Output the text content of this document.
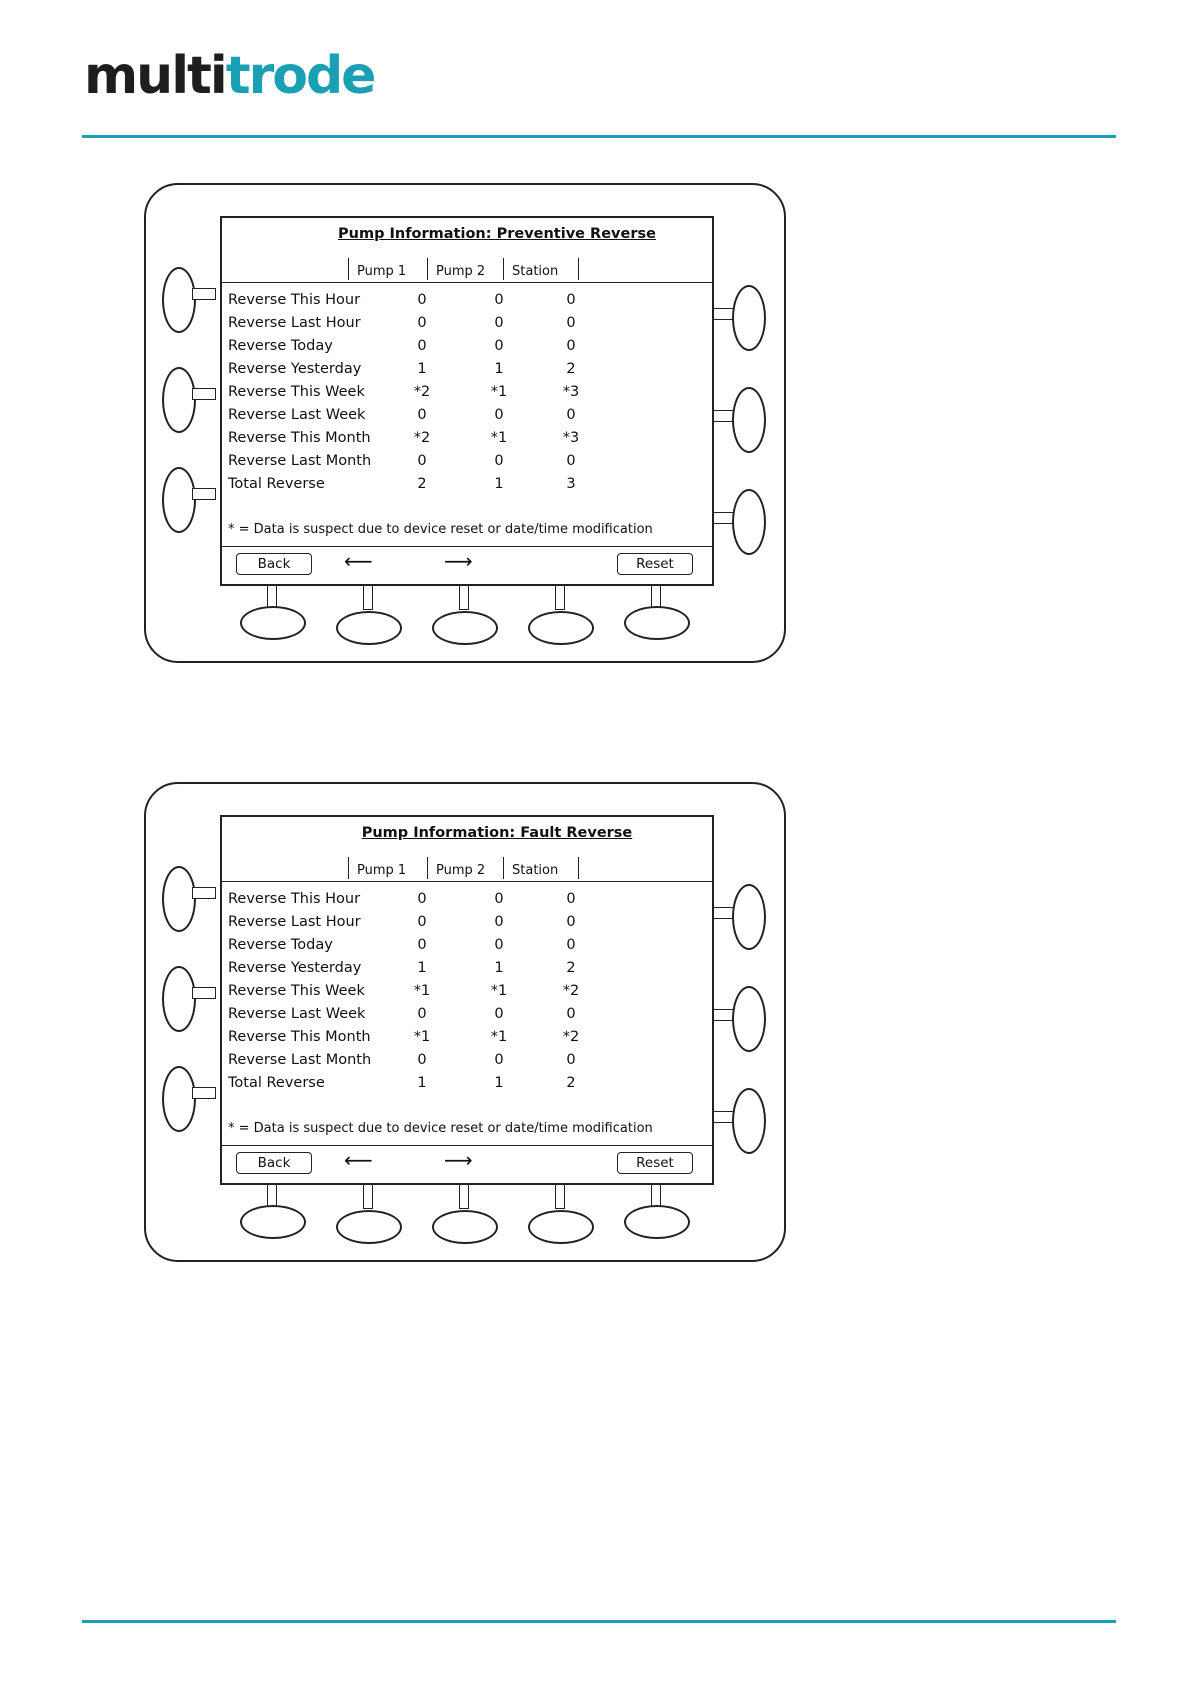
multitrode
Pump Information: Preventive Reverse
Pump 1	Pump 2	Station
Reverse This Hour	0	0	0
Reverse Last Hour	0	0	0
Reverse Today	0	0	0
Reverse Yesterday	1	1	2
Reverse This Week	*2	*1	*3
Reverse Last Week	0	0	0
Reverse This Month	*2	*1	*3
Reverse Last Month	0	0	0
Total Reverse	2	1	3
* = Data is suspect due to device reset or date/time modification
Back	⟵	⟶	Reset
Pump Information: Fault Reverse
Pump 1	Pump 2	Station
Reverse This Hour	0	0	0
Reverse Last Hour	0	0	0
Reverse Today	0	0	0
Reverse Yesterday	1	1	2
Reverse This Week	*1	*1	*2
Reverse Last Week	0	0	0
Reverse This Month	*1	*1	*2
Reverse Last Month	0	0	0
Total Reverse	1	1	2
* = Data is suspect due to device reset or date/time modification
Back	⟵	⟶	Reset
